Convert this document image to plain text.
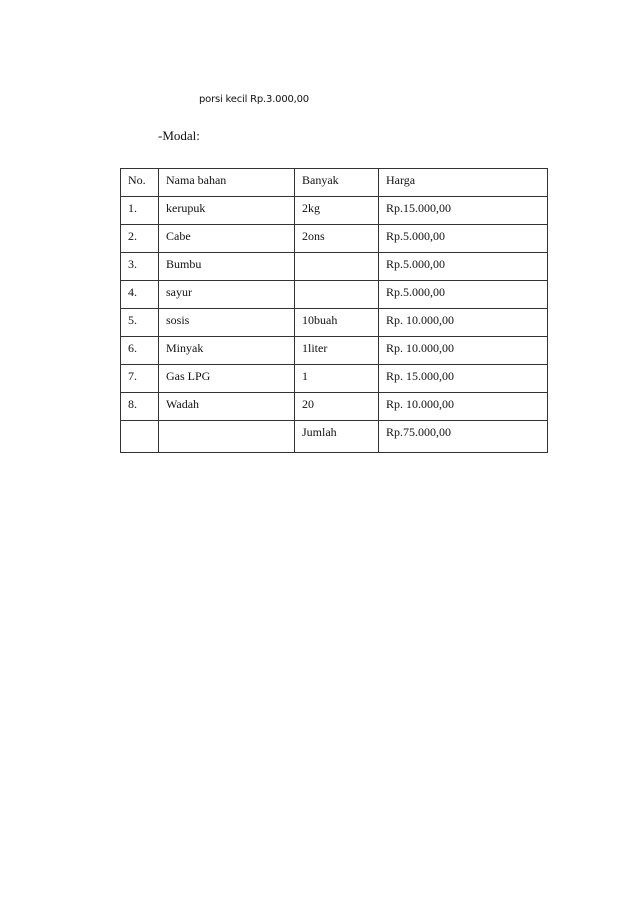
porsi kecil Rp.3.000,00
-Modal:
No.	Nama bahan	Banyak	Harga
1.	kerupuk	2kg	Rp.15.000,00
2.	Cabe	2ons	Rp.5.000,00
3.	Bumbu		Rp.5.000,00
4.	sayur		Rp.5.000,00
5.	sosis	10buah	Rp. 10.000,00
6.	Minyak	1liter	Rp. 10.000,00
7.	Gas LPG	1	Rp. 15.000,00
8.	Wadah	20	Rp. 10.000,00
		Jumlah	Rp.75.000,00
